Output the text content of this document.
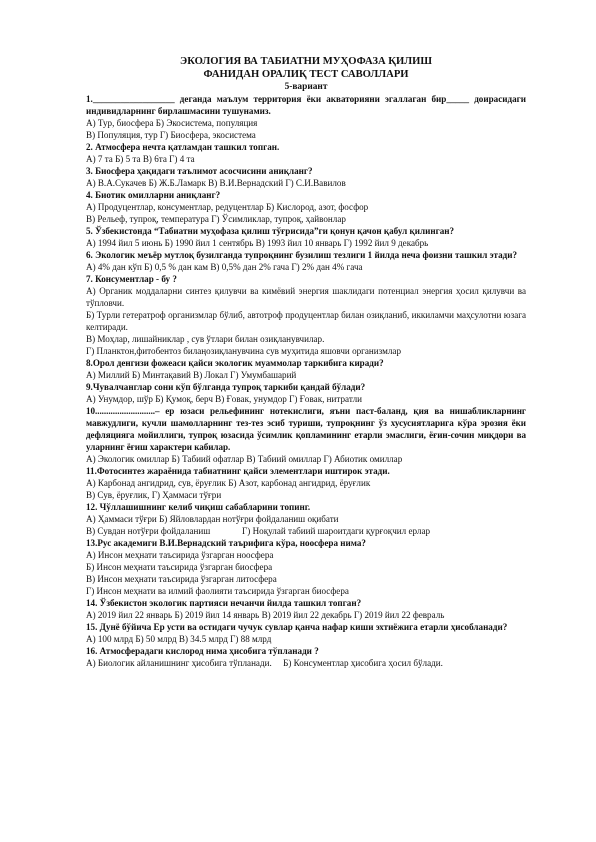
ЭКОЛОГИЯ ВА ТАБИАТНИ МУҲОФАЗА ҚИЛИШ
ФАНИДАН ОРАЛИҚ ТЕСТ САВОЛЛАРИ
5-вариант
1.__________________ деганда маълум территория ёки акваторияни эгаллаган бир_____ доирасидаги индивидларнинг бирлашмасини тушунамиз.
А) Тур, биосфера Б) Экосистема, популяция
В) Популяция, тур Г) Биосфера, экосистема
2. Атмосфера нечта қатламдан ташкил топган.
А) 7 та Б) 5 та В) 6та Г) 4 та
3. Биосфера ҳақидаги таълимот асосчисини аниқланг?
А) В.А.Сукачев Б) Ж.Б.Ламарк В) В.И.Вернадский Г) С.И.Вавилов
4. Биотик омилларни аниқланг?
А) Продуцентлар, консументлар, редуцентлар Б) Кислород, азот, фосфор
В) Рельеф, тупроқ, температура Г) Ўсимликлар, тупроқ, ҳайвонлар
5. Ўзбекистонда “Табиатни муҳофаза қилиш тўғрисида”ги қонун қачон қабул қилинган?
А) 1994 йил 5 июнь Б) 1990 йил 1 сентябрь В) 1993 йил 10 январь Г) 1992 йил 9 декабрь
6. Экологик меъёр мутлоқ бузилганда тупроқнинг бузилиш тезлиги 1 йилда неча фоизни ташкил этади?
А) 4% дан кўп Б) 0,5 % дан кам В) 0,5% дан 2% гача Г) 2% дан 4% гача
7. Консументлар - бу ?
А) Органик моддаларни синтез қилувчи ва кимёвий энергия шаклидаги потенциал энергия ҳосил қилувчи ва тўпловчи.
Б) Турли гетератроф организмлар бўлиб, автотроф продуцентлар билан озиқланиб, иккиламчи маҳсулотни юзага келтиради.
В) Моҳлар, лишайниклар , сув ўтлари билан озиқланувчилар.
Г) Планктон,фитобентоз билаңозиқланувчина сув муҳитида яшовчи организмлар
8.Орол денгизи фожеаси қайси экологик муаммолар таркибига киради?
А) Миллий Б) Минтақавий В) Локал Г) Умумбашарий
9.Чувалчанглар сони кўп бўлганда тупроқ таркиби қандай бўлади?
А) Унумдор, шўр Б) Қумоқ, берч В) Ғовак, унумдор Г) Ғовак, нитратли
10...........................– ер юзаси рельефининг нотекислиги, яъни паст-баланд, қия ва нишабликларнинг мавжудлиги, кучли шамолларнинг тез-тез эсиб туриши, тупроқнинг ўз хусусиятларига кўра эрозия ёки дефляцияга мойиллиги, тупроқ юзасида ўсимлик қопламининг етарли эмаслиги, ёғин-сочин миқдори ва уларнинг ёғиш характери кабилар.
А) Экологик омиллар Б) Табиий офатлар В) Табиий омиллар Г) Абиотик омиллар
11.Фотосинтез жараёнида табиатнинг қайси элементлари иштирок этади.
А) Карбонад ангидрид, сув, ёруғлик Б) Азот, карбонад ангидрид, ёруғлик
В) Сув, ёруғлик, Г) Ҳаммаси тўғри
12. Чўллашишнинг келиб чиқиш сабабларини топинг.
А) Ҳаммаси тўғри Б) Яйловлардан нотўғри фойдаланиш оқибати
В) Сувдан нотўғри фойдаланиш              Г) Ноқулай табиий шароитдаги қурғоқчил ерлар
13.Рус академиги В.И.Вернадский таърифига кўра, ноосфера нима?
А) Инсон меҳнати таъсирида ўзгарган ноосфера
Б) Инсон меҳнати таъсирида ўзгарган биосфера
В) Инсон меҳнати таъсирида ўзгарган литосфера
Г) Инсон меҳнати ва илмий фаолияти таъсирида ўзгарган биосфера
14. Ўзбекистон экологик партияси нечанчи йилда ташкил топган?
А) 2019 йил 22 январь Б) 2019 йил 14 январь В) 2019 йил 22 декабрь Г) 2019 йил 22 февраль
15. Дунё бўйича Ер усти ва остидаги чучук сувлар қанча нафар киши эхтиёжига етарли ҳисобланади?
А) 100 млрд Б) 50 млрд В) 34.5 млрд Г) 88 млрд
16. Атмосферадаги кислород нима ҳисобига тўпланади ?
А) Биологик айланишнинг ҳисобига тўпланади.     Б) Консументлар ҳисобига ҳосил бўлади.
